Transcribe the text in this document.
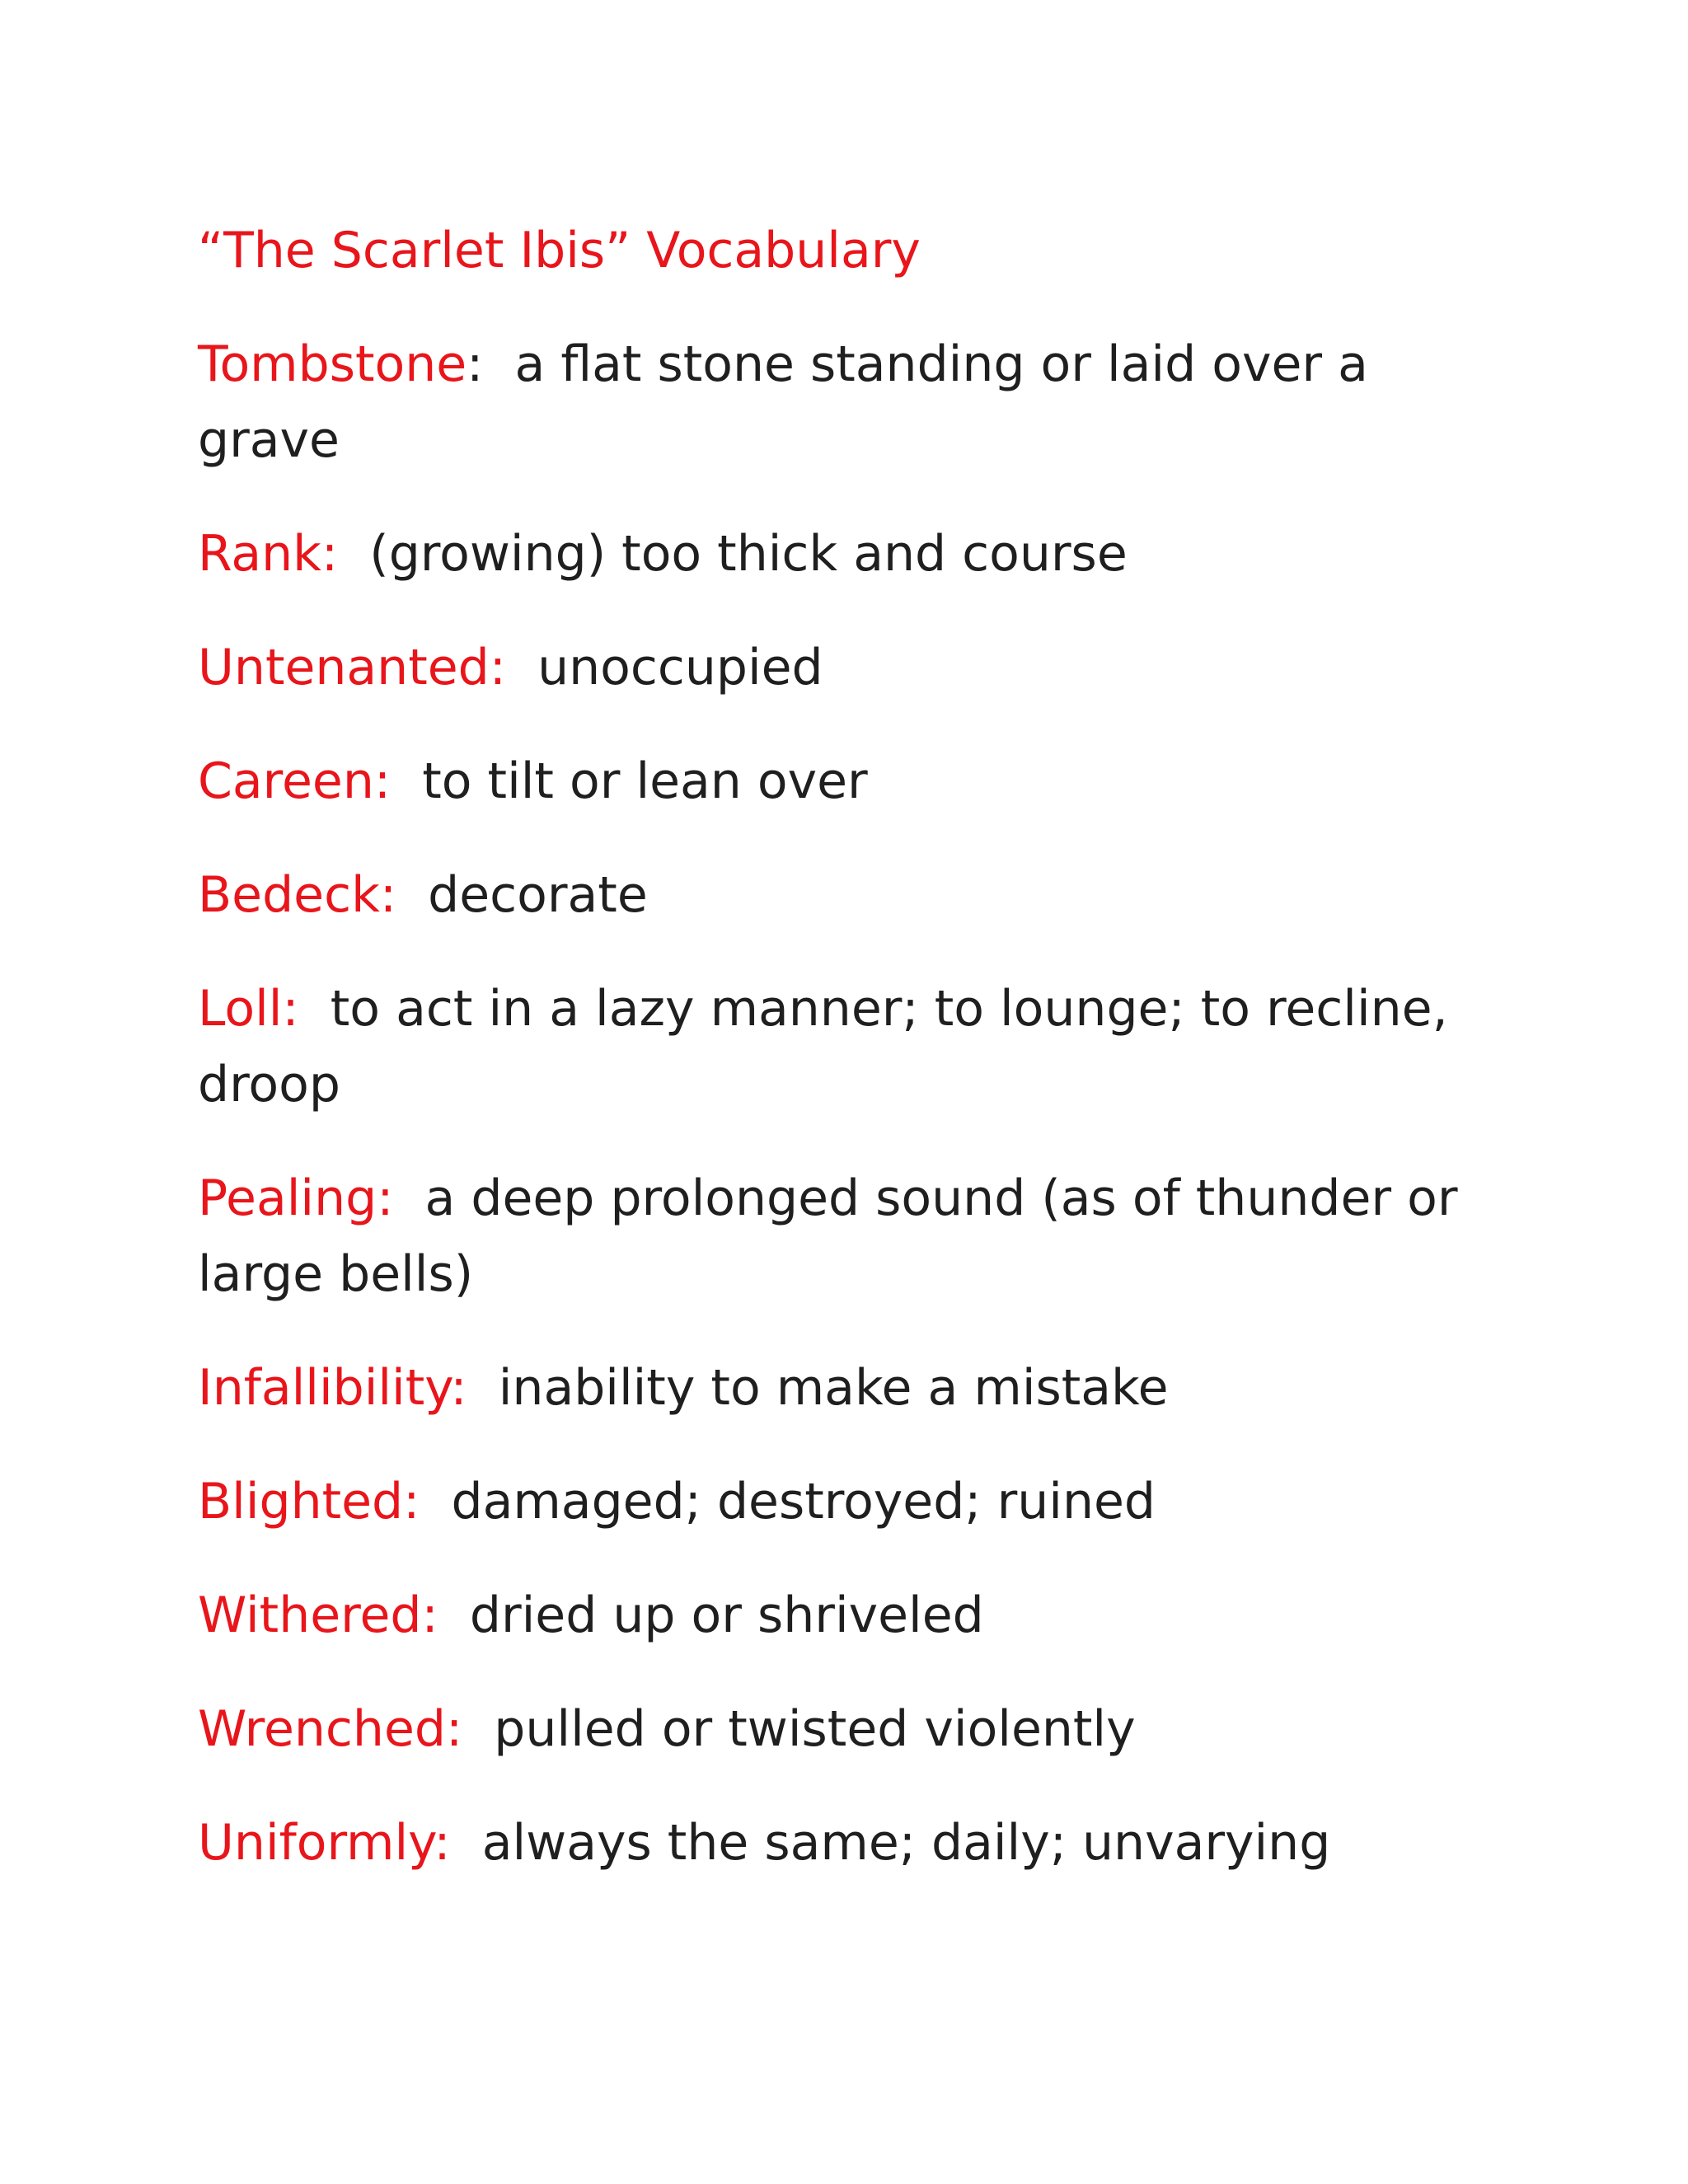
“The Scarlet Ibis” Vocabulary

Tombstone:  a flat stone standing or laid over a grave

Rank:  (growing) too thick and course

Untenanted:  unoccupied

Careen:  to tilt or lean over

Bedeck:  decorate

Loll:  to act in a lazy manner; to lounge; to recline, droop

Pealing:  a deep prolonged sound (as of thunder or large bells)

Infallibility:  inability to make a mistake

Blighted:  damaged; destroyed; ruined

Withered:  dried up or shriveled

Wrenched:  pulled or twisted violently

Uniformly:  always the same; daily; unvarying
